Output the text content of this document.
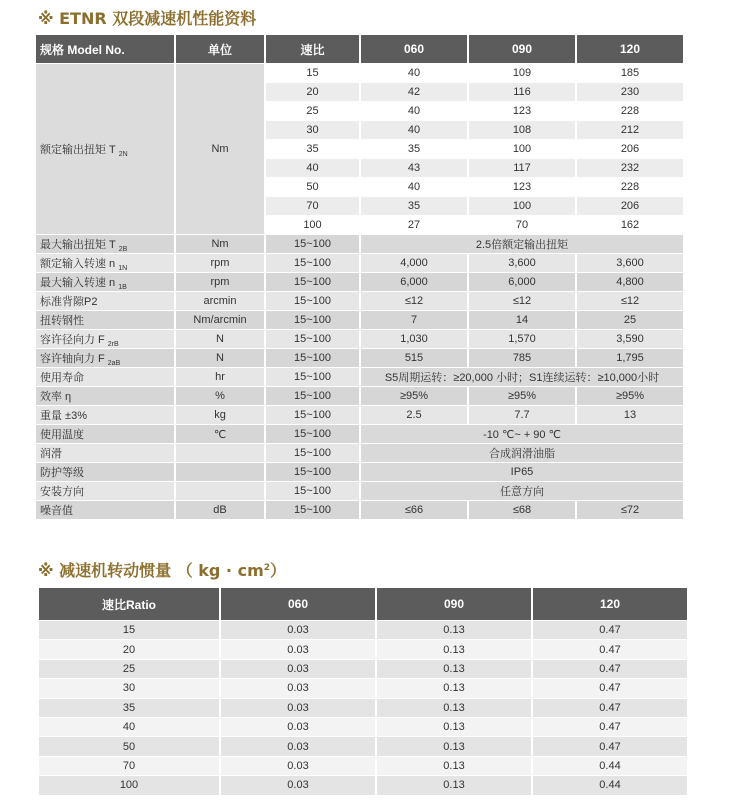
※ ETNR 双段减速机性能资料
规格 Model No.	单位	速比	060	090	120
额定输出扭矩 T $_{2N}$	Nm	15	40	109	185
		20	42	116	230
		25	40	123	228
		30	40	108	212
		35	35	100	206
		40	43	117	232
		50	40	123	228
		70	35	100	206
		100	27	70	162
最大输出扭矩 T $_{2B}$	Nm	15~100	2.5倍额定输出扭矩		
额定输入转速 n $_{1N}$	rpm	15~100	4,000	3,600	3,600
最大输入转速 n $_{1B}$	rpm	15~100	6,000	6,000	4,800
标准背隙P2	arcmin	15~100	≤12	≤12	≤12
扭转钢性	Nm/arcmin	15~100	7	14	25
容许径向力 F $_{2rB}$	N	15~100	1,030	1,570	3,590
容许轴向力 F $_{2aB}$	N	15~100	515	785	1,795
使用寿命	hr	15~100	S5周期运转：≥20,000 小时；S1连续运转：≥10,000小时		
效率 η	%	15~100	≥95%	≥95%	≥95%
重量 ±3%	kg	15~100	2.5	7.7	13
使用温度	℃	15~100	-10 ℃~ + 90 ℃		
润滑		15~100	合成润滑油脂		
防护等级		15~100	IP65		
安装方向		15~100	任意方向		
噪音值	dB	15~100	≤66	≤68	≤72
※ 减速机转动惯量 （ kg · $cm^2$）
速比Ratio	060	090	120
15	0.03	0.13	0.47
20	0.03	0.13	0.47
25	0.03	0.13	0.47
30	0.03	0.13	0.47
35	0.03	0.13	0.47
40	0.03	0.13	0.47
50	0.03	0.13	0.47
70	0.03	0.13	0.44
100	0.03	0.13	0.44
